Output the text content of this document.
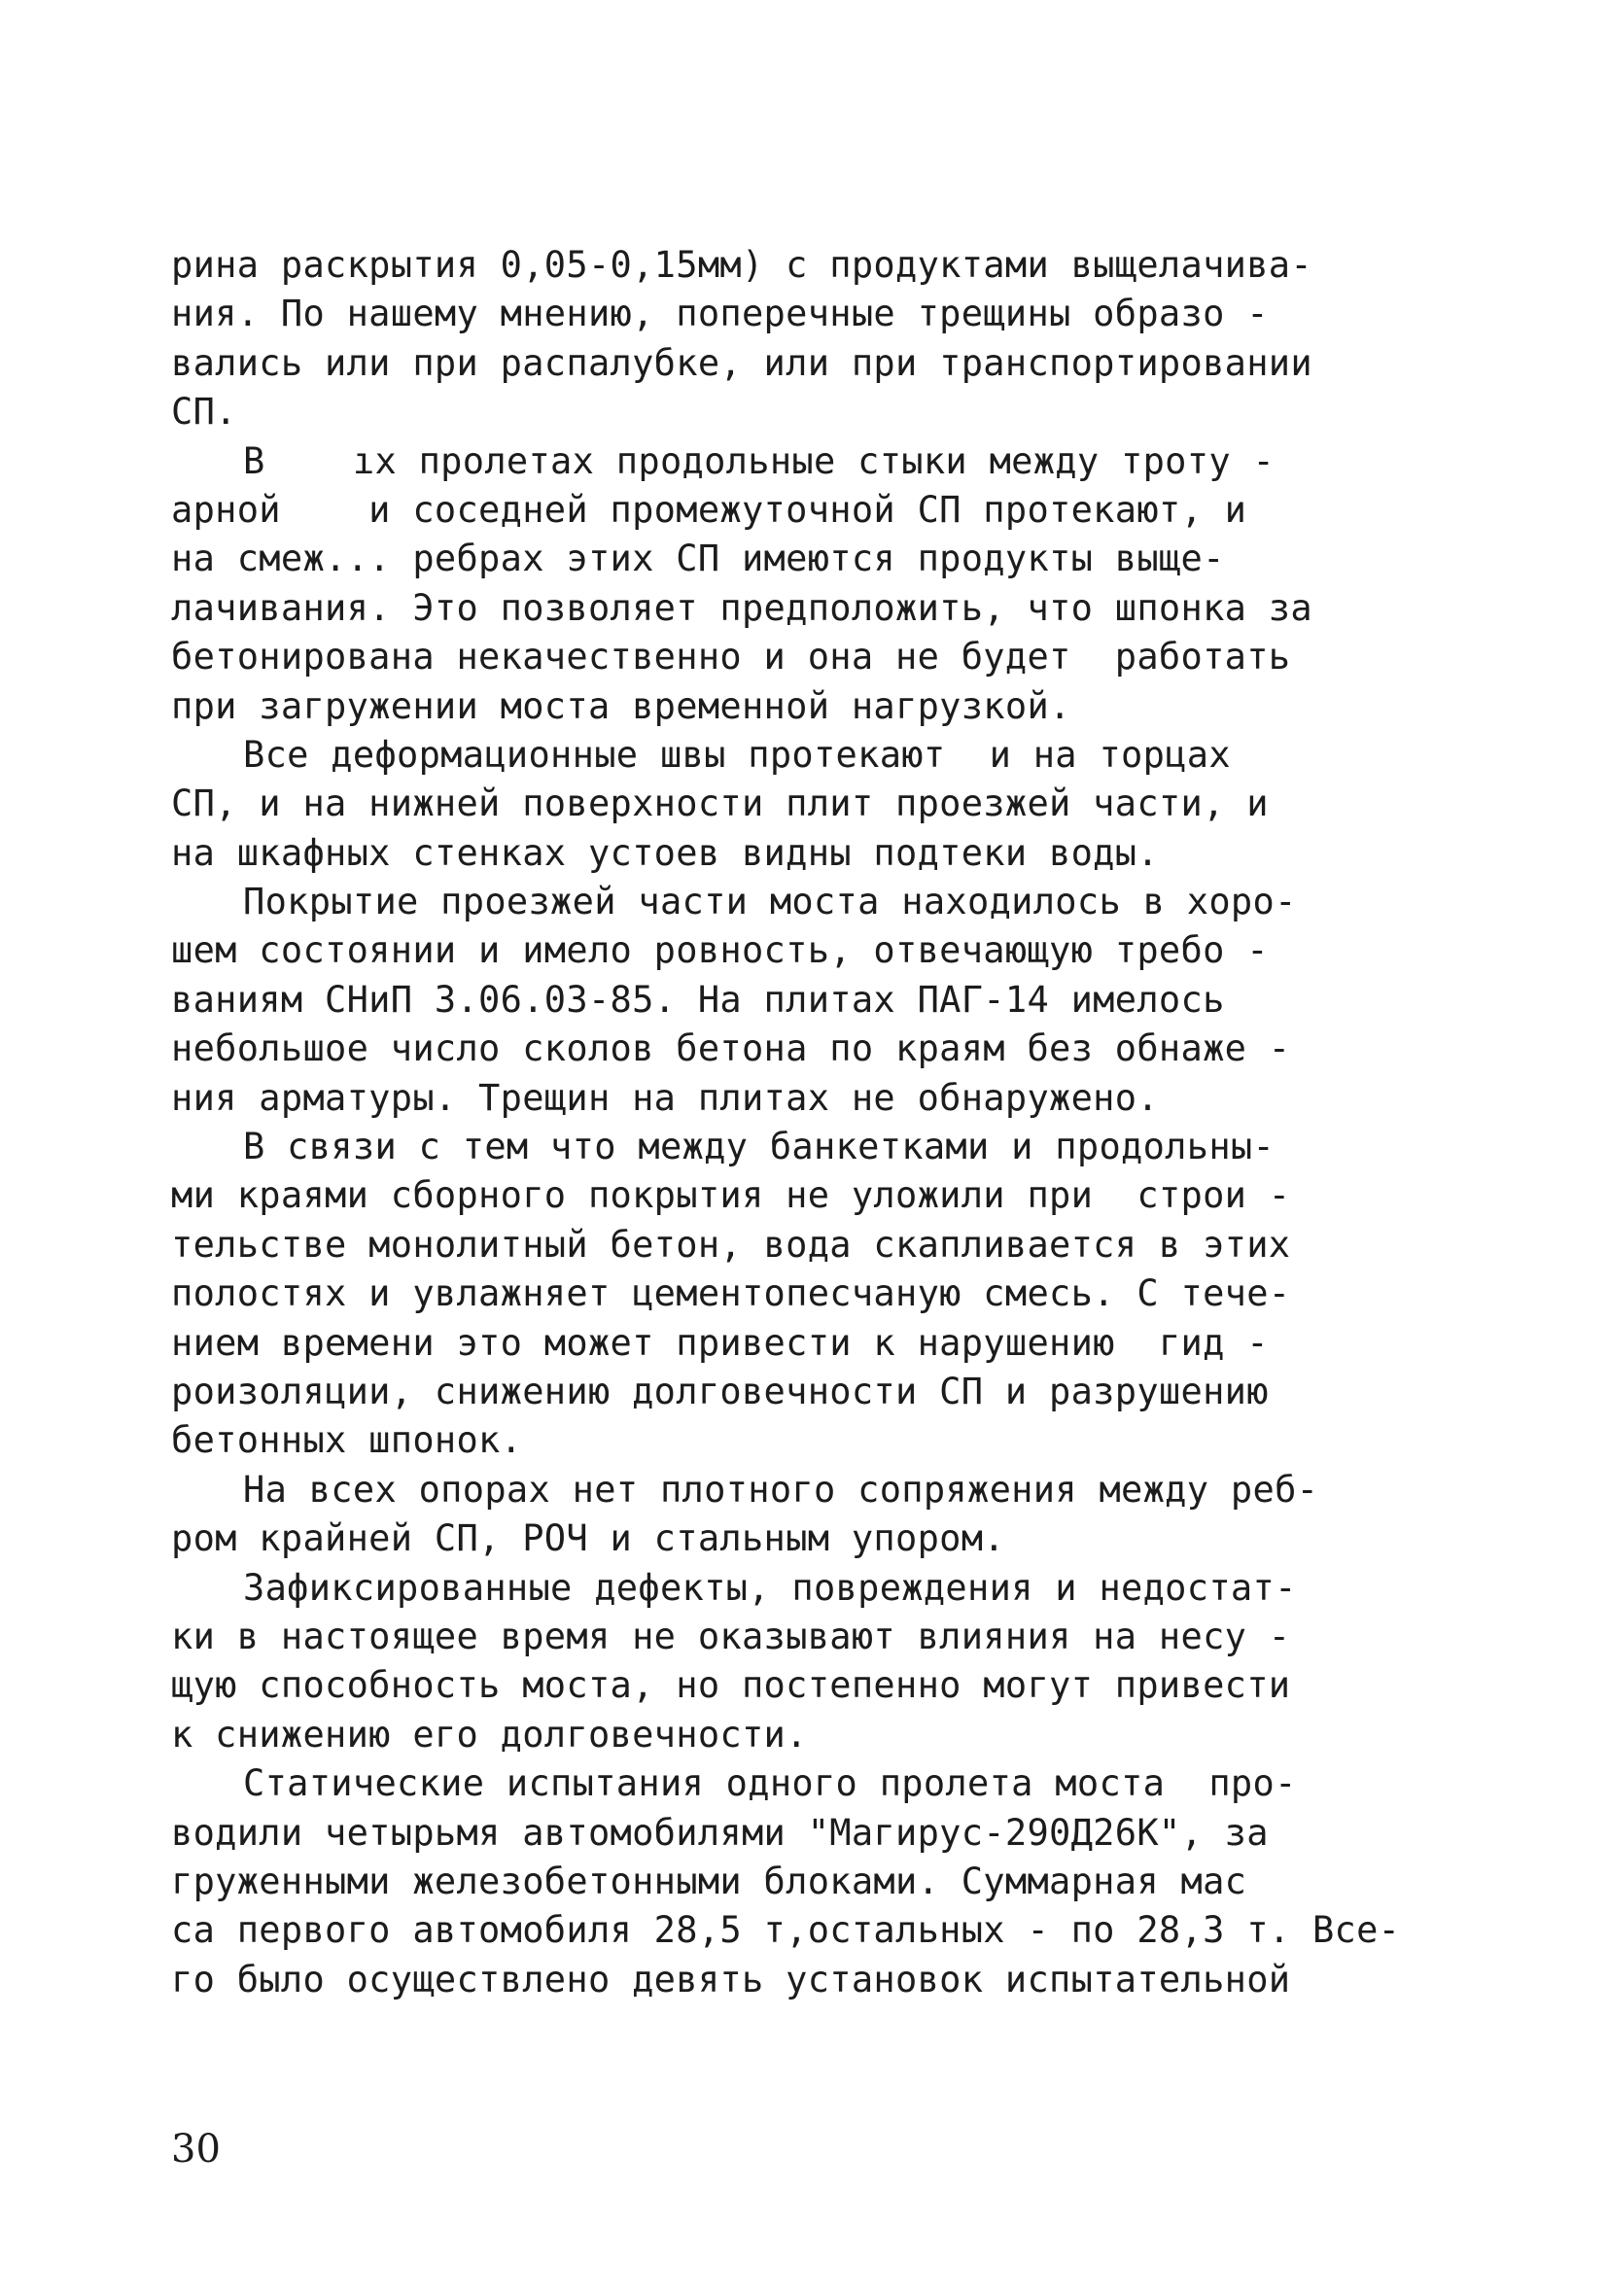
рина раскрытия 0,05-0,15мм) с продуктами выщелачива-
ния. По нашему мнению, поперечные трещины образо -
вались или при распалубке, или при транспортировании
СП.
В    ıх пролетах продольные стыки между троту -
арной    и соседней промежуточной СП протекают, и
на смеж... ребрах этих СП имеются продукты выще-
лачивания. Это позволяет предположить, что шпонка за
бетонирована некачественно и она не будет  работать
при загружении моста временной нагрузкой.
Все деформационные швы протекают  и на торцах
СП, и на нижней поверхности плит проезжей части, и
на шкафных стенках устоев видны подтеки воды.
Покрытие проезжей части моста находилось в хоро-
шем состоянии и имело ровность, отвечающую требо -
ваниям СНиП 3.06.03-85. На плитах ПАГ-14 имелось
небольшое число сколов бетона по краям без обнаже -
ния арматуры. Трещин на плитах не обнаружено.
В связи с тем что между банкетками и продольны-
ми краями сборного покрытия не уложили при  строи -
тельстве монолитный бетон, вода скапливается в этих
полостях и увлажняет цементопесчаную смесь. С тече-
нием времени это может привести к нарушению  гид -
роизоляции, снижению долговечности СП и разрушению
бетонных шпонок.
На всех опорах нет плотного сопряжения между реб-
ром крайней СП, РОЧ и стальным упором.
Зафиксированные дефекты, повреждения и недостат-
ки в настоящее время не оказывают влияния на несу -
щую способность моста, но постепенно могут привести
к снижению его долговечности.
Статические испытания одного пролета моста  про-
водили четырьмя автомобилями "Магирус-290Д26К", за
груженными железобетонными блоками. Суммарная мас
са первого автомобиля 28,5 т,остальных - по 28,3 т. Все-
го было осуществлено девять установок испытательной
30
